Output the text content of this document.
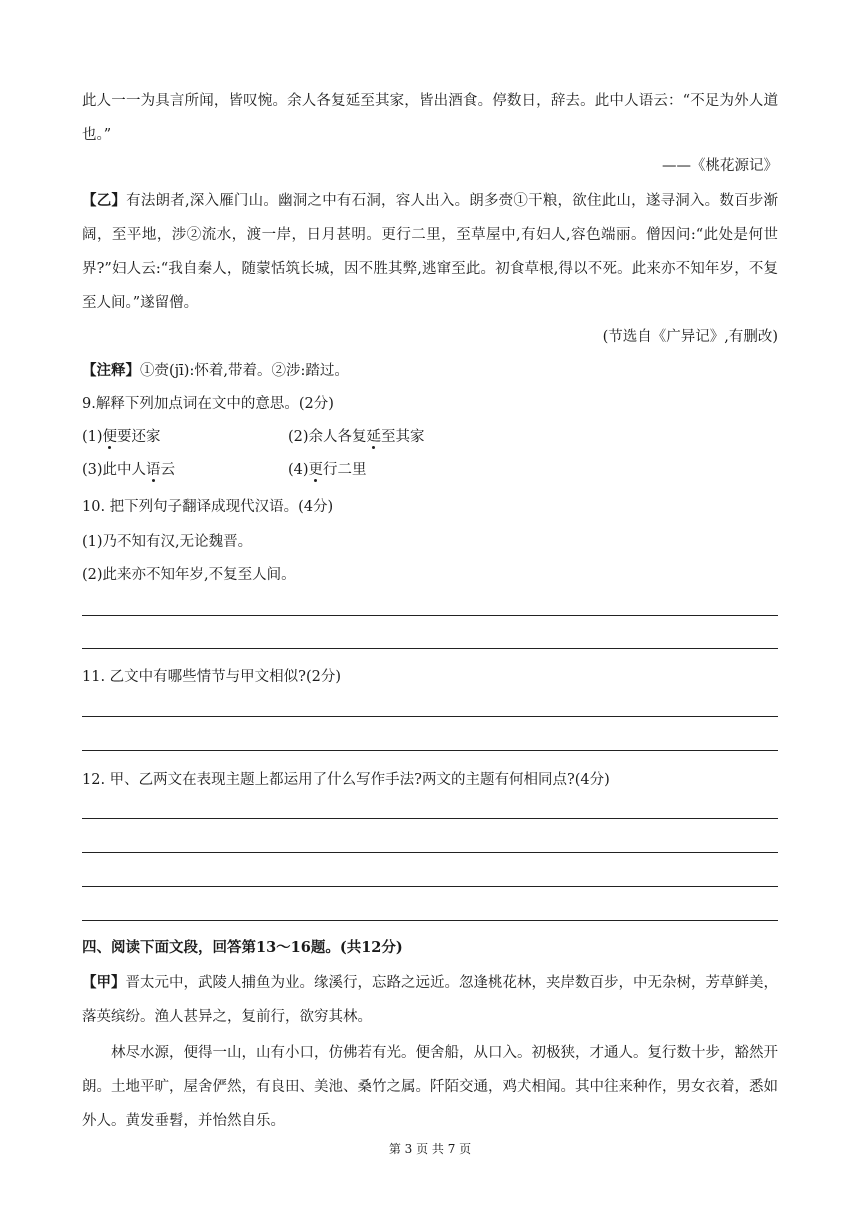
此人一一为具言所闻，皆叹惋。余人各复延至其家，皆出酒食。停数日，辞去。此中人语云：“不足为外人道也。”

——《桃花源记》

【乙】有法朗者,深入雁门山。幽洞之中有石洞，容人出入。朗多赍①干粮，欲住此山，遂寻洞入。数百步渐阔，至平地，涉②流水，渡一岸，日月甚明。更行二里，至草屋中,有妇人,容色端丽。僧因问:“此处是何世界?”妇人云:“我自秦人，随蒙恬筑长城，因不胜其弊,逃窜至此。初食草根,得以不死。此来亦不知年岁，不复至人间。”遂留僧。

(节选自《广异记》,有删改)
【注释】①赍(jī):怀着,带着。②涉:踏过。
9.解释下列加点词在文中的意思。(2分)
(1)便要还家	(2)余人各复延至其家
(3)此中人语云	(4)更行二里
10. 把下列句子翻译成现代汉语。(4分)
(1)乃不知有汉,无论魏晋。
(2)此来亦不知年岁,不复至人间。
11. 乙文中有哪些情节与甲文相似?(2分)
12. 甲、乙两文在表现主题上都运用了什么写作手法?两文的主题有何相同点?(4分)
四、阅读下面文段，回答第13～16题。(共12分)

【甲】晋太元中，武陵人捕鱼为业。缘溪行，忘路之远近。忽逢桃花林，夹岸数百步，中无杂树，芳草鲜美，落英缤纷。渔人甚异之，复前行，欲穷其林。

林尽水源，便得一山，山有小口，仿佛若有光。便舍船，从口入。初极狭，才通人。复行数十步，豁然开朗。土地平旷，屋舍俨然，有良田、美池、桑竹之属。阡陌交通，鸡犬相闻。其中往来种作，男女衣着，悉如外人。黄发垂髫，并怡然自乐。

第 3 页 共 7 页
